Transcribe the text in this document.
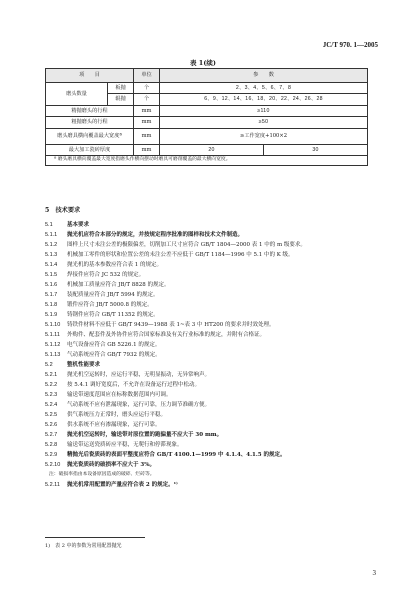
JC/T 970. 1—2005
表 1(续)
项　　目		单位	参　　数	
磨头数量	板抛	个	2、3、4、5、6、7、8	
	辊抛	个	6、9、12、14、16、18、20、22、24、26、28	
精抛磨头的行程		mm	≥110	
粗抛磨头的行程		mm	≥50	
磨头磨具横向覆盖最大宽度ª		mm	≥工作宽度+100×2	
最大加工瓷砖厚度		mm	20	30
ª 磨头磨具横向覆盖最大宽度指磨头作横向摆动时磨具可磨削覆盖的最大横向宽度。				
5　技术要求
5.1	基本要求
5.1.1 抛光机应符合本部分的规定，并按规定程序批准的图样和技术文件制造。
5.1.2 图样上尺寸未注公差的极限偏差，切削加工尺寸应符合 GB/T 1804—2000 表 1 中的 m 级要求。
5.1.3 机械加工零件的形状和位置公差的未注公差不应低于 GB/T 1184—1996 中 5.1 中的 K 级。
5.1.4 抛光机的基本参数应符合表 1 的规定。
5.1.5 焊接件应符合 JC 532 的规定。
5.1.6 机械加工质量应符合 JB/T 8828 的规定。
5.1.7 装配质量应符合 JB/T 5994 的规定。
5.1.8 锻件应符合 JB/T 5000.8 的规定。
5.1.9 铸钢件应符合 GB/T 11352 的规定。
5.1.10 铸铁件材料不应低于 GB/T 9439—1988 表 1~表 3 中 HT200 的要求并时效处理。
5.1.11 外购件、配套件及外协件应符合国家标准及有关行业标准的规定，并附有合格证。
5.1.12 电气设备应符合 GB 5226.1 的规定。
5.1.13 气动系统应符合 GB/T 7932 的规定。
5.2	整机性能要求
5.2.1 抛光机空运转时，应运行平稳，无明显振动，无异常响声。
5.2.2 按 5.4.1 调好宽度后，不允许在设备运行过程中松动。
5.2.3 输送带速度范围应在标称数据范围内可调。
5.2.4 气动系统不应有泄漏现象，运行可靠，压力调节准确方便。
5.2.5 供气系统压力正常时，磨头应运行平稳。
5.2.6 供水系统不应有渗漏现象，运行可靠。
5.2.7 抛光机空运转时，输送带对原位置的跑偏量不应大于 30 mm。
5.2.8 输送带运送瓷质砖应平稳，无爬行和停滞现象。
5.2.9 精抛光后瓷质砖的表面平整度应符合 GB/T 4100.1—1999 中 4.1.4、4.1.5 的规定。
5.2.10 抛光瓷质砖的破损率不应大于 3%。
注：破损率指由本设备原因造成的破碎、烂砖等。
5.2.11 抛光机常用配置的产量应符合表 2 的规定。¹⁾
1)　表 2 中的参数为常用配置抛光
3
